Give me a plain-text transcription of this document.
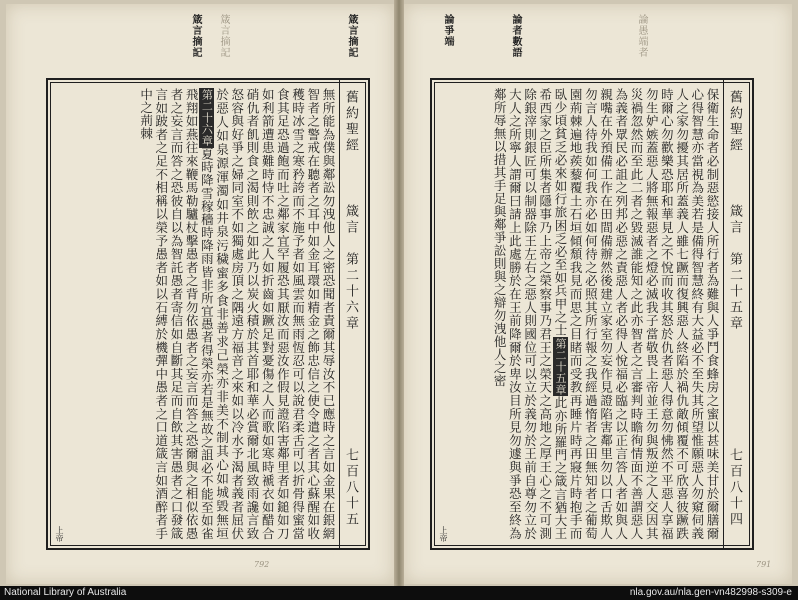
箴言摘記
箴言摘記	箴言摘記
舊約聖經
箴言　第二十六章
七百八十五
無所能為僕與鄰訟勿洩他人之密恐聞者責爾其辱汝不已應時之言如金果在銀網智者之警戒在聽者之耳中如金耳環如精金之飾忠信之使令遣之者其心蘇醒如收穫時冰雪之寒矜誇而不施予者如風雲而無雨恆忍可以說君柔舌可以折骨得蜜當食其足恐過飽而吐之鄰家宜罕履恐其厭汝而惡汝作假見證陷害鄰里者如鎚如刀如利箭遭患難時恃不忠誠之人如折齒如蹶足對憂傷之人而歌如寒時褫衣如醋合硝仇者飢則食之渴則飲之如此乃以炭火積於其首耶和華必賞爾北風致雨讒言致怒容與好爭之婦同室不如獨處房頂之隅遠方福音之來如以冷水予渴者義者屈伏於惡人如泉源渾濁如井泉污穢蜜多食非善求己榮亦非美不制其心如城毀無垣第二十六章夏時降雪稼穡時降雨皆非所宜愚者得榮亦若是無故之詛必不能至如雀飛翔如燕往來鞭馬勒驢杖擊愚者之背勿依愚者之妄言而答之恐爾與之相似依愚者之妄言而答之恐彼自以為智託愚者寄信如自斷其足而自飲其害愚者之口發箴言如跛者之足不相稱以榮予愚者如以石縛於機彈中愚者之口道箴言如酒醉者手中之荊棘
上帝
792
論愚端者
論爭端	論者數語
舊約聖經
箴言　第二十五章
七百八十四
保衛生命者必制惡慾接人所行者為難與人爭鬥食蜂房之蜜以甚味美甘於爾膳爾心得智慧亦當視為美若是備得智慧終有大益必不至失其所望惟願惡人勿窺伺義人之家勿擾其居所蓋義人雖七蹶而復興惡人終陷於禍仇敵傾覆不可欣喜彼蹶跌時爾心勿歡樂恐耶和華見之不悅而收其怒於仇者惡人得意勿怫然不平惡人享福勿生妒嫉蓋惡人將無報惡者之燈必滅我子當敬畏上帝並王勿與叛逆之人交因其災禍忽然而至此二者之毀滅誰能知之此亦智者之言審判時瞻徇情面不善謂惡人為義者眾民必詛之列邦必惡之責惡人者必得人悅福必臨之以正言答人者如與人親嘴在外預備工作在田間備辦然後建立家室勿妄作見證陷害鄰里勿以口舌欺人勿言人待我如何我亦必如何待之必照其所行報之我經過惰者之田無知者之葡萄園荊棘遍地蒺藜覆土石垣傾頹我見而思之目睹而受教再睡片時再寢片時抱手而臥少頃貧乏必來如行旅困乏必至如兵甲之士第二十五章此亦所羅門之箴言猶大王希西家之臣所集者隱事乃上帝之榮察事乃君王之榮天之高地之厚王心之不可測除銀滓則銀匠可以制器除王左右之惡人則國位可以立於義勿於王前自尊勿立於大人之所寧人謂爾曰請上此處勝於在王前降爾於卑汝目所見勿遽與爭恐至終為鄰所辱無以措其手足與鄰爭訟則與之辯勿洩他人之密
上帝
791
National Library of Australia	nla.gov.au/nla.gen-vn482998-s309-e
